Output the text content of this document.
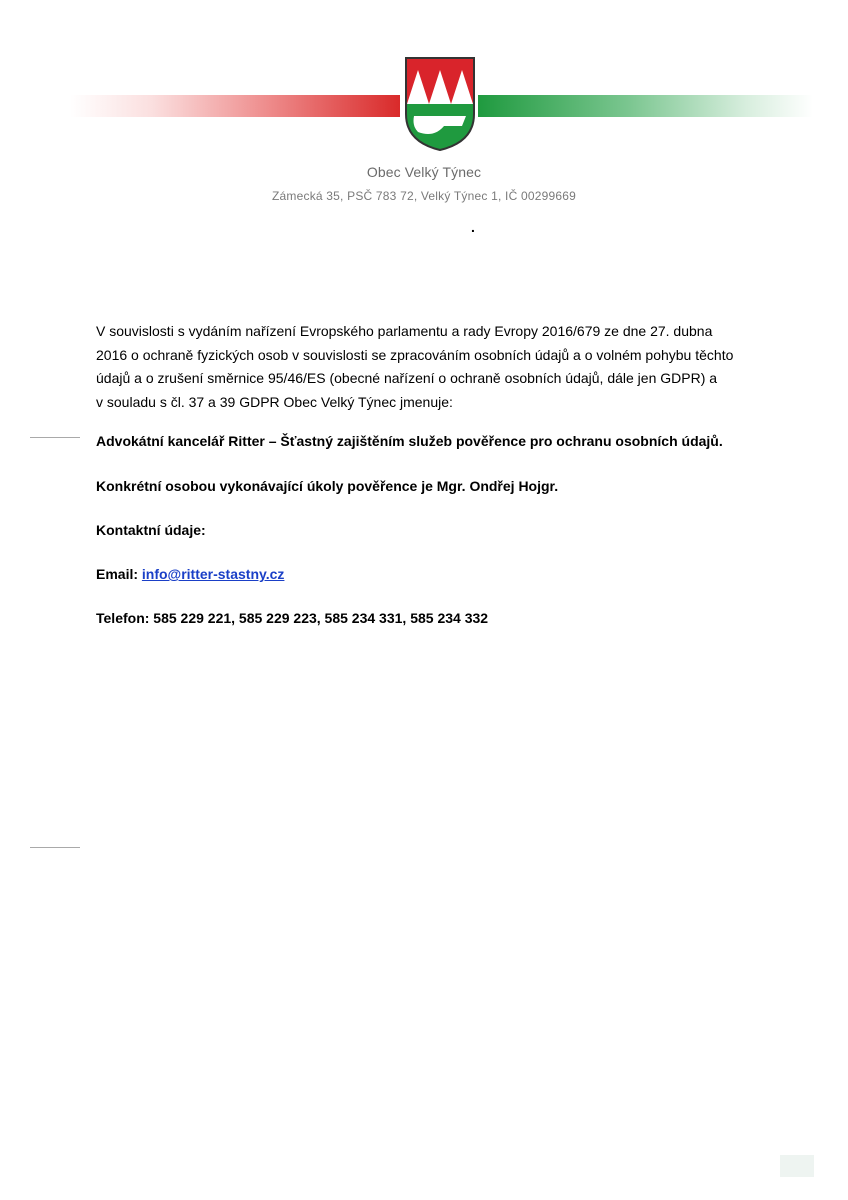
Obec Velký Týnec
Zámecká 35, PSČ 783 72, Velký Týnec 1, IČ 00299669
.

V souvislosti s vydáním nařízení Evropského parlamentu a rady Evropy 2016/679 ze dne 27. dubna

2016 o ochraně fyzických osob v souvislosti se zpracováním osobních údajů a o volném pohybu těchto

údajů a o zrušení směrnice 95/46/ES (obecné nařízení o ochraně osobních údajů, dále jen GDPR) a

v souladu s čl. 37 a 39 GDPR Obec Velký Týnec jmenuje:

Advokátní kancelář Ritter – Šťastný zajištěním služeb pověřence pro ochranu osobních údajů.
Konkrétní osobou vykonávající úkoly pověřence je Mgr. Ondřej Hojgr.
Kontaktní údaje:
Email: info@ritter-stastny.cz
Telefon: 585 229 221, 585 229 223, 585 234 331, 585 234 332
